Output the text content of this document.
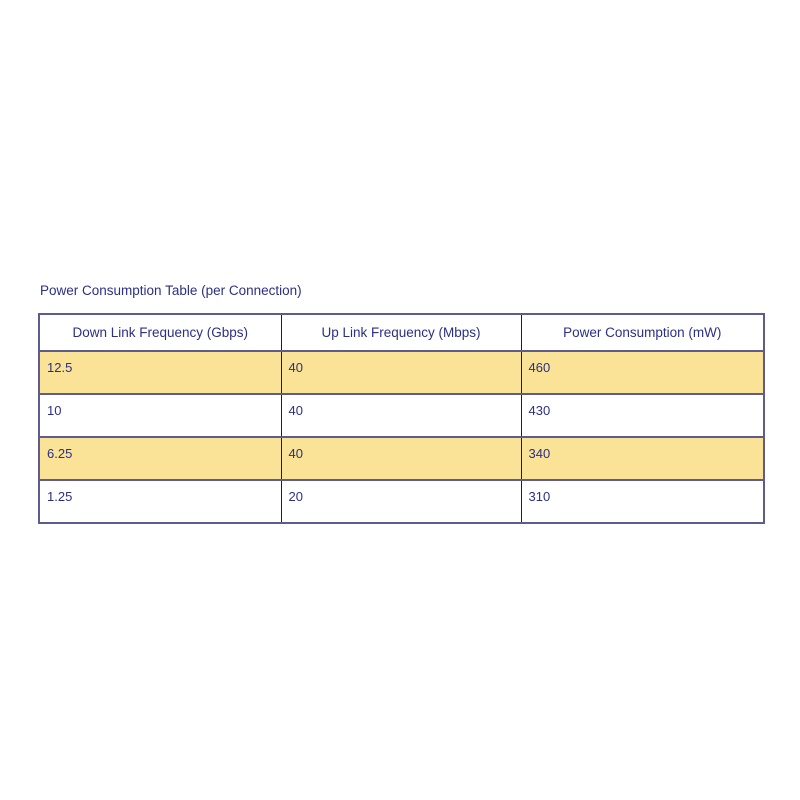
Power Consumption Table (per Connection)
Down Link Frequency (Gbps)	Up Link Frequency (Mbps)	Power Consumption (mW)
12.5	40	460
10	40	430
6.25	40	340
1.25	20	310
